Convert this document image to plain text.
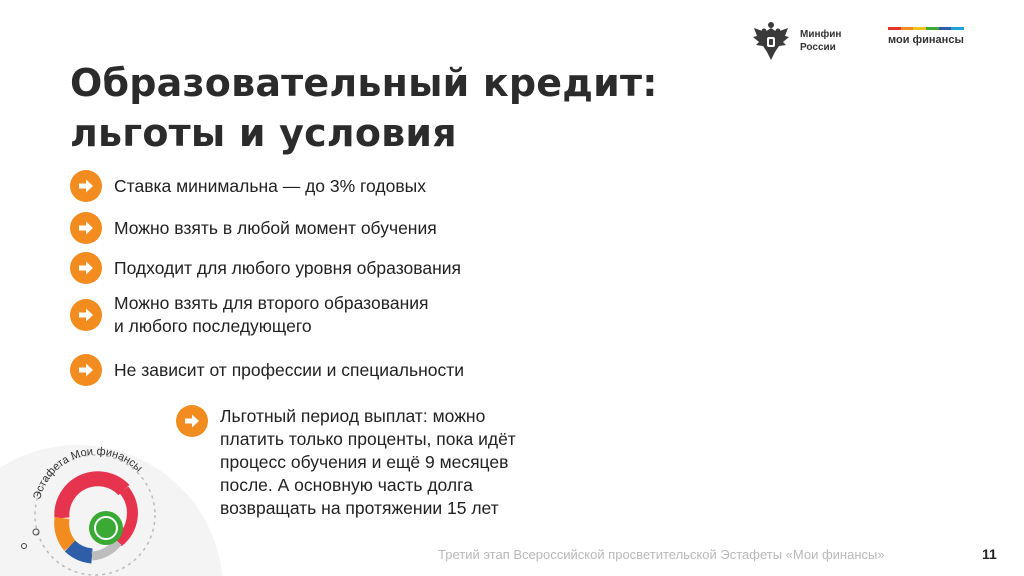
Образовательный кредит:
льготы и условия
Минфин
России
мои финансы
Ставка минимальна — до 3% годовых
Можно взять в любой момент обучения
Подходит для любого уровня образования
Можно взять для второго образования
и любого последующего
Не зависит от профессии и специальности
Льготный период выплат: можно
платить только проценты, пока идёт
процесс обучения и ещё 9 месяцев
после. А основную часть долга
возвращать на протяжении 15 лет
Эстафета Мои финансы
Третий этап Всероссийской просветительской Эстафеты «Мои финансы»	11
